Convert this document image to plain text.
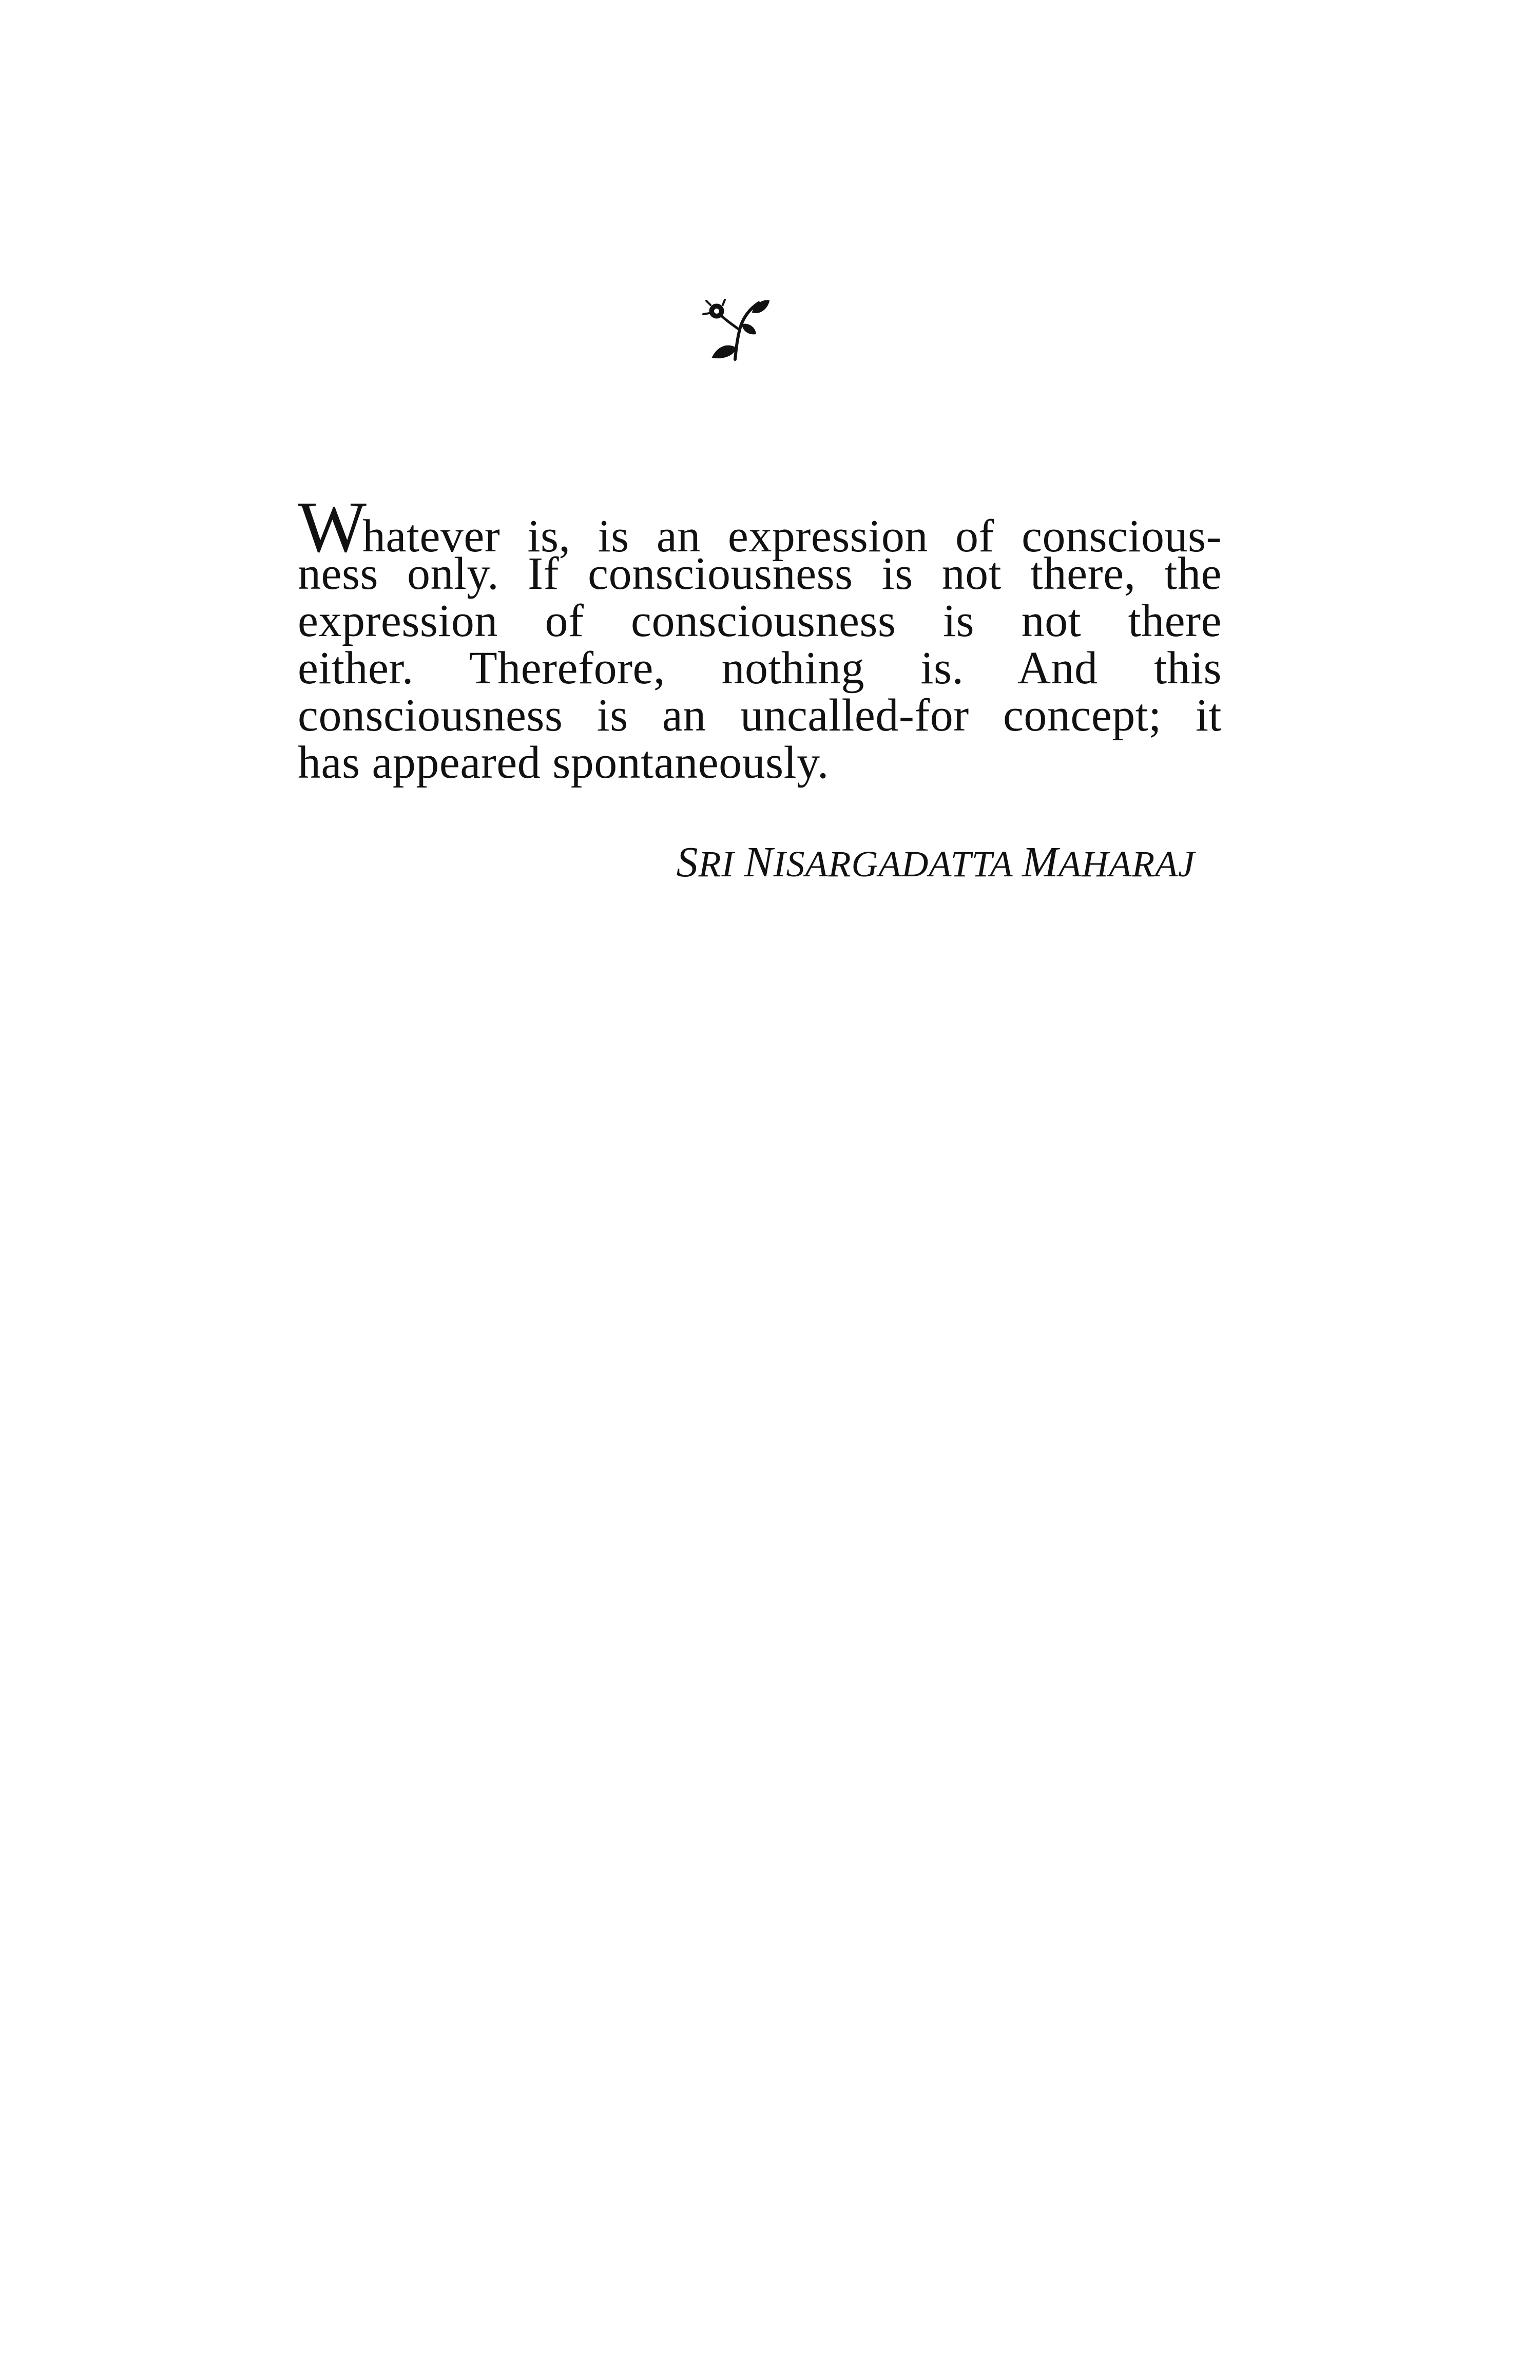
Whatever is, is an expression of conscious-
ness only. If consciousness is not there, the
expression of consciousness is not there
either. Therefore, nothing is. And this
consciousness is an uncalled-for concept; it
has appeared spontaneously.
SRI NISARGADATTA MAHARAJ
